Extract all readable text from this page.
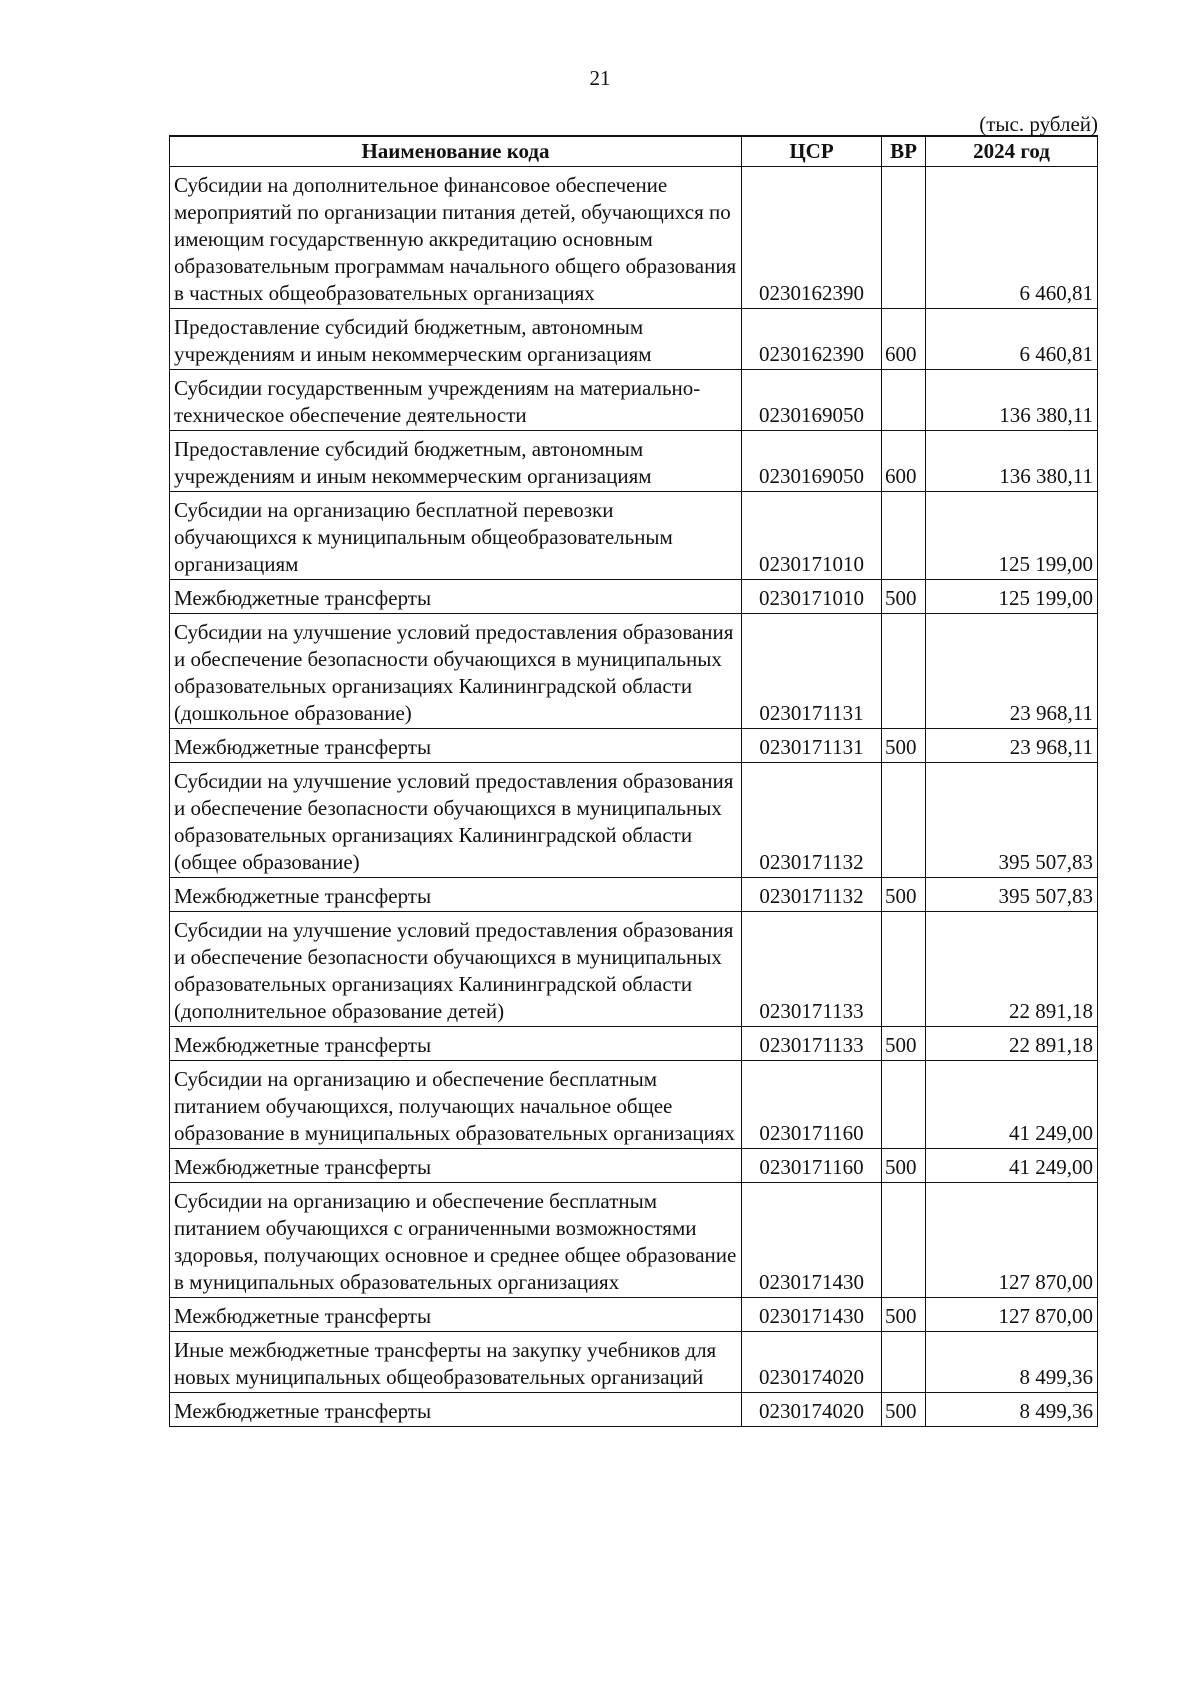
21
(тыс. рублей)
Наименование кода	ЦСР	ВР	2024 год
Субсидии на дополнительное финансовое обеспечение мероприятий по организации питания детей, обучающихся по имеющим государственную аккредитацию основным образовательным программам начального общего образования в частных общеобразовательных организациях	0230162390		6 460,81
Предоставление субсидий бюджетным, автономным учреждениям и иным некоммерческим организациям	0230162390	600	6 460,81
Субсидии государственным учреждениям на материально-техническое обеспечение деятельности	0230169050		136 380,11
Предоставление субсидий бюджетным, автономным учреждениям и иным некоммерческим организациям	0230169050	600	136 380,11
Субсидии на организацию бесплатной перевозки обучающихся к муниципальным общеобразовательным организациям	0230171010		125 199,00
Межбюджетные трансферты	0230171010	500	125 199,00
Субсидии на улучшение условий предоставления образования и обеспечение безопасности обучающихся в муниципальных образовательных организациях Калининградской области (дошкольное образование)	0230171131		23 968,11
Межбюджетные трансферты	0230171131	500	23 968,11
Субсидии на улучшение условий предоставления образования и обеспечение безопасности обучающихся в муниципальных образовательных организациях Калининградской области (общее образование)	0230171132		395 507,83
Межбюджетные трансферты	0230171132	500	395 507,83
Субсидии на улучшение условий предоставления образования и обеспечение безопасности обучающихся в муниципальных образовательных организациях Калининградской области (дополнительное образование детей)	0230171133		22 891,18
Межбюджетные трансферты	0230171133	500	22 891,18
Субсидии на организацию и обеспечение бесплатным питанием обучающихся, получающих начальное общее образование в муниципальных образовательных организациях	0230171160		41 249,00
Межбюджетные трансферты	0230171160	500	41 249,00
Субсидии на организацию и обеспечение бесплатным питанием обучающихся с ограниченными возможностями здоровья, получающих основное и среднее общее образование в муниципальных образовательных организациях	0230171430		127 870,00
Межбюджетные трансферты	0230171430	500	127 870,00
Иные межбюджетные трансферты на закупку учебников для новых муниципальных общеобразовательных организаций	0230174020		8 499,36
Межбюджетные трансферты	0230174020	500	8 499,36
